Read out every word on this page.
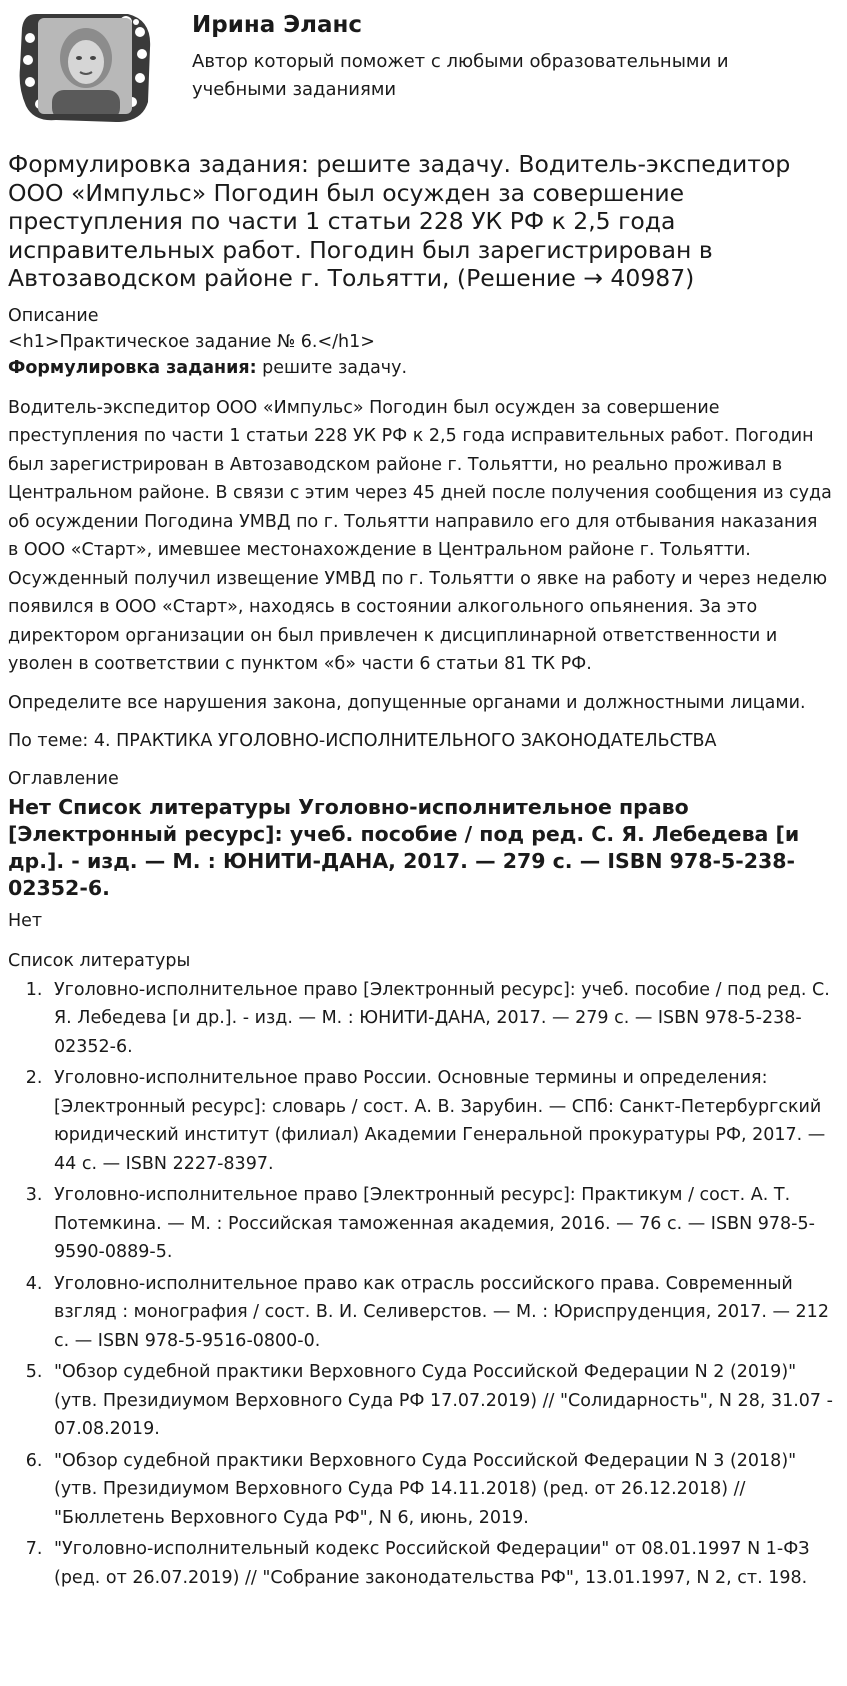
Ирина Эланс
Автор который поможет с любыми образовательными и учебными заданиями
Формулировка задания: решите задачу. Водитель-экспедитор ООО «Импульс» Погодин был осужден за совершение преступления по части 1 статьи 228 УК РФ к 2,5 года исправительных работ. Погодин был зарегистрирован в Автозаводском районе г. Тольятти, (Решение → 40987)
Описание
<h1>Практическое задание № 6.</h1>
Формулировка задания: решите задачу.

Водитель-экспедитор ООО «Импульс» Погодин был осужден за совершение преступления по части 1 статьи 228 УК РФ к 2,5 года исправительных работ. Погодин был зарегистрирован в Автозаводском районе г. Тольятти, но реально проживал в Центральном районе. В связи с этим через 45 дней после получения сообщения из суда об осуждении Погодина УМВД по г. Тольятти направило его для отбывания наказания в ООО «Старт», имевшее местонахождение в Центральном районе г. Тольятти. Осужденный получил извещение УМВД по г. Тольятти о явке на работу и через неделю появился в ООО «Старт», находясь в состоянии алкогольного опьянения. За это директором организации он был привлечен к дисциплинарной ответственности и уволен в соответствии с пунктом «б» части 6 статьи 81 ТК РФ.

Определите все нарушения закона, допущенные органами и должностными лицами.

По теме: 4. ПРАКТИКА УГОЛОВНО-ИСПОЛНИТЕЛЬНОГО ЗАКОНОДАТЕЛЬСТВА

Оглавление
Нет Список литературы Уголовно-исполнительное право [Электронный ресурс]: учеб. пособие / под ред. С. Я. Лебедева [и др.]. - изд. — М. : ЮНИТИ-ДАНА, 2017. — 279 с. — ISBN 978-5-238-02352-6.
Нет
Список литературы
1. Уголовно-исполнительное право [Электронный ресурс]: учеб. пособие / под ред. С. Я. Лебедева [и др.]. - изд. — М. : ЮНИТИ-ДАНА, 2017. — 279 с. — ISBN 978-5-238-02352-6.
2. Уголовно-исполнительное право России. Основные термины и определения: [Электронный ресурс]: словарь / сост. А. В. Зарубин. — СПб: Санкт-Петербургский юридический институт (филиал) Академии Генеральной прокуратуры РФ, 2017. — 44 с. — ISBN 2227-8397.
3. Уголовно-исполнительное право [Электронный ресурс]: Практикум / сост. А. Т. Потемкина. — М. : Российская таможенная академия, 2016. — 76 с. — ISBN 978-5-9590-0889-5.
4. Уголовно-исполнительное право как отрасль российского права. Современный взгляд : монография / сост. В. И. Селиверстов. — М. : Юриспруденция, 2017. — 212 с. — ISBN 978-5-9516-0800-0.
5. "Обзор судебной практики Верховного Суда Российской Федерации N 2 (2019)" (утв. Президиумом Верховного Суда РФ 17.07.2019) // "Солидарность", N 28, 31.07 - 07.08.2019.
6. "Обзор судебной практики Верховного Суда Российской Федерации N 3 (2018)" (утв. Президиумом Верховного Суда РФ 14.11.2018) (ред. от 26.12.2018) // "Бюллетень Верховного Суда РФ", N 6, июнь, 2019.
7. "Уголовно-исполнительный кодекс Российской Федерации" от 08.01.1997 N 1-ФЗ (ред. от 26.07.2019) // "Собрание законодательства РФ", 13.01.1997, N 2, ст. 198.
